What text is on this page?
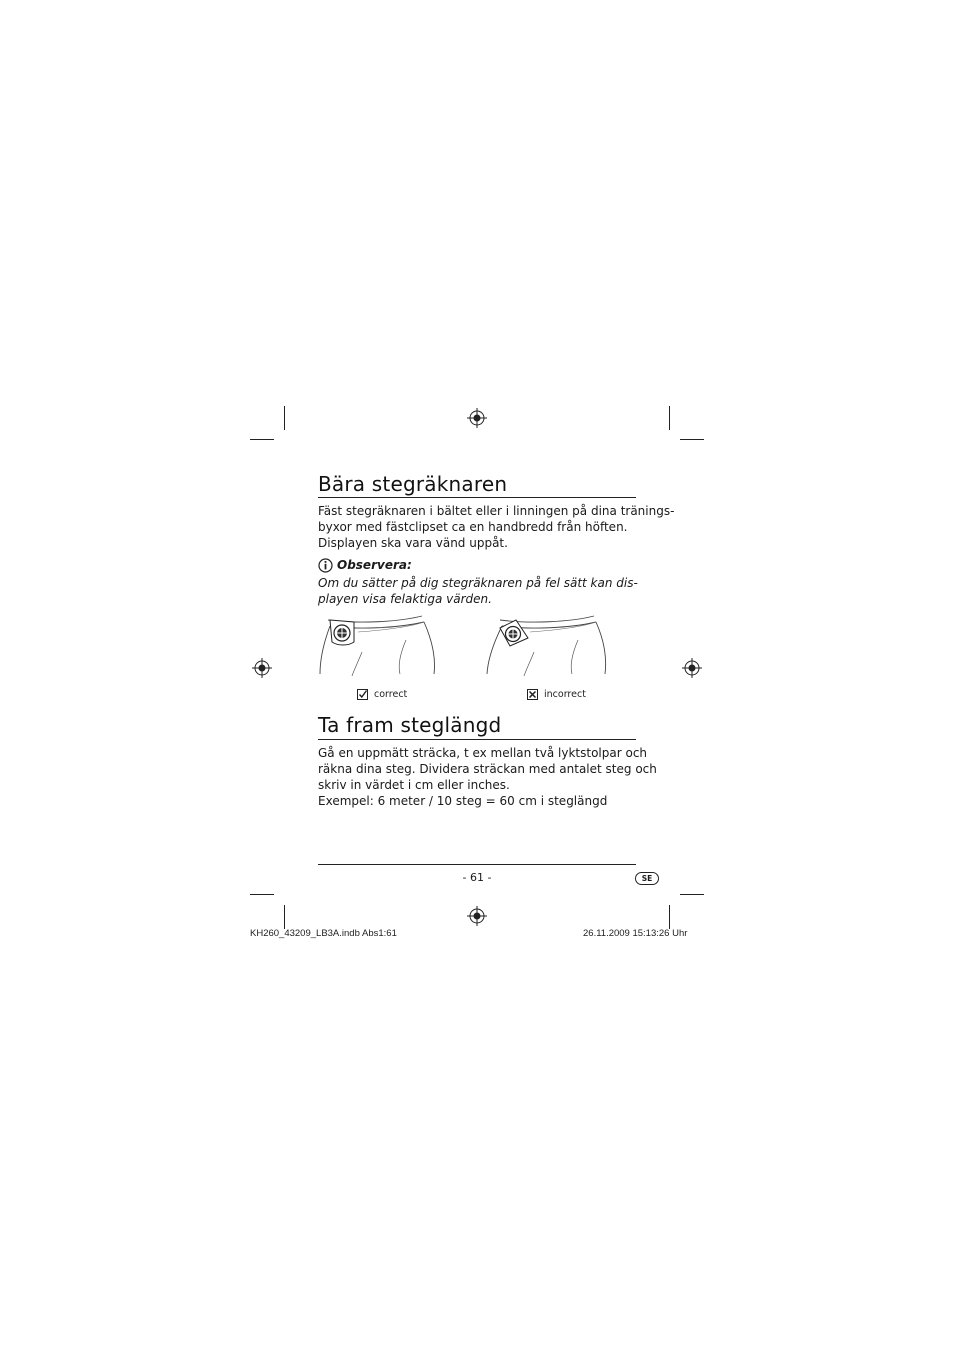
Bära stegräknaren

Fäst stegräknaren i bältet eller i linningen på dina tränings-
byxor med fästclipset ca en handbredd från höften.
Displayen ska vara vänd uppåt.

Observera:

Om du sätter på dig stegräknaren på fel sätt kan dis-
playen visa felaktiga värden.

correct	incorrect
Ta fram steglängd

Gå en uppmätt sträcka, t ex mellan två lyktstolpar och
räkna dina steg. Dividera sträckan med antalet steg och
skriv in värdet i cm eller inches.
Exempel: 6 meter / 10 steg = 60 cm i steglängd

- 61 -	SE
KH260_43209_LB3A.indb Abs1:61	26.11.2009 15:13:26 Uhr
